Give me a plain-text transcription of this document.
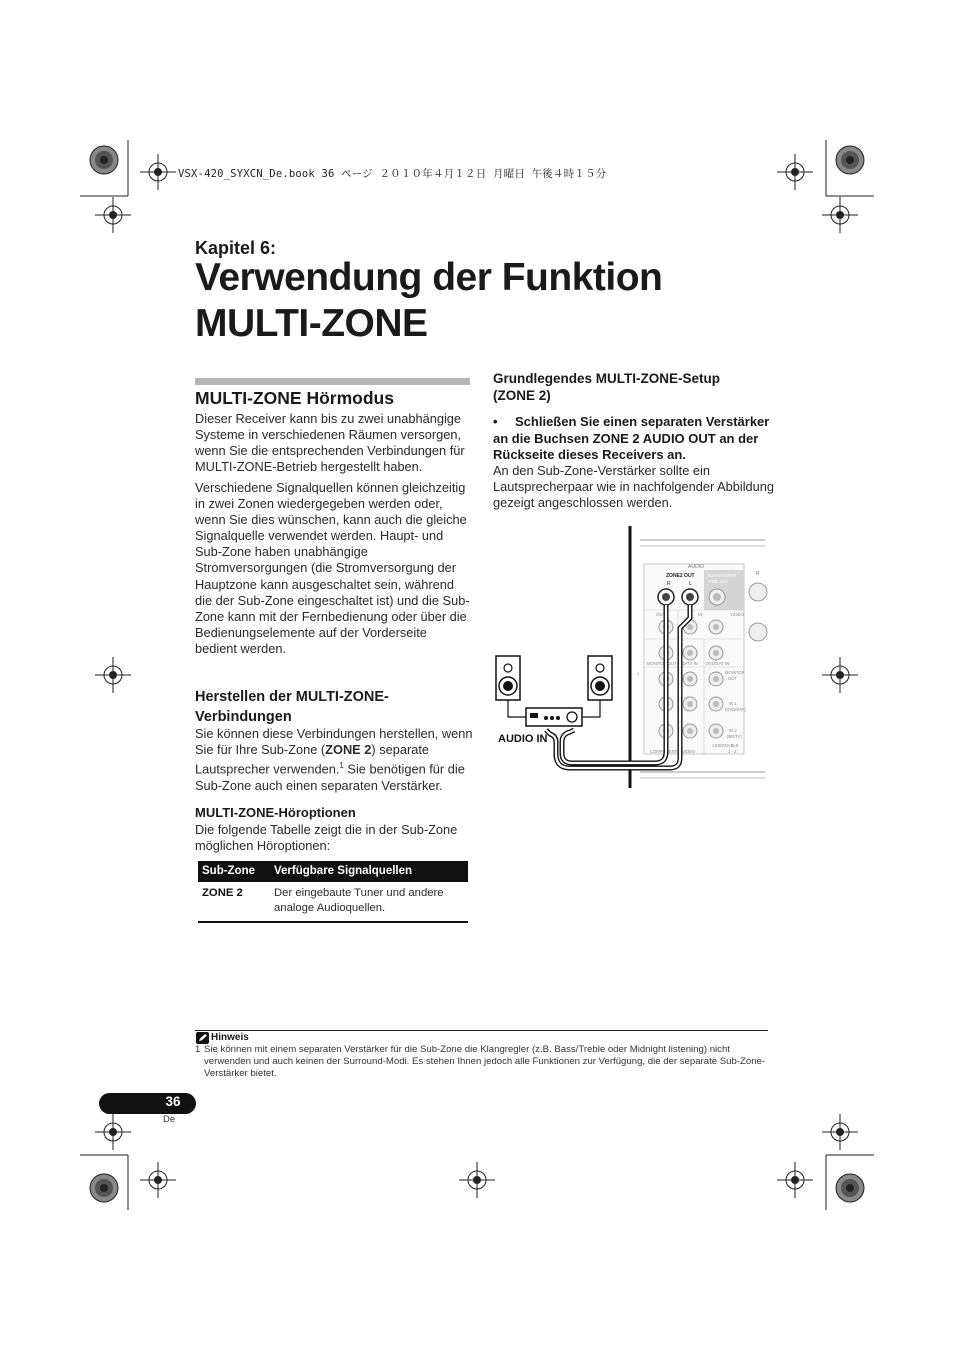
VSX-420_SYXCN_De.book 36 ページ ２０１０年４月１２日 月曜日 午後４時１５分
Kapitel 6:
Verwendung der Funktion
MULTI-ZONE
MULTI-ZONE Hörmodus
Dieser Receiver kann bis zu zwei unabhängige Systeme in verschiedenen Räumen versorgen, wenn Sie die entsprechenden Verbindungen für MULTI-ZONE-Betrieb hergestellt haben.
Verschiedene Signalquellen können gleichzeitig in zwei Zonen wiedergegeben werden oder, wenn Sie dies wünschen, kann auch die gleiche Signalquelle verwendet werden. Haupt- und Sub-Zone haben unabhängige Stromversorgungen (die Stromversorgung der Hauptzone kann ausgeschaltet sein, während die der Sub-Zone eingeschaltet ist) und die Sub-Zone kann mit der Fernbedienung oder über die Bedienungselemente auf der Vorderseite bedient werden.
Herstellen der MULTI-ZONE-Verbindungen
Sie können diese Verbindungen herstellen, wenn Sie für Ihre Sub-Zone (ZONE 2) separate Lautsprecher verwenden.$^1$ Sie benötigen für die Sub-Zone auch einen separaten Verstärker.
MULTI-ZONE-Höroptionen
Die folgende Tabelle zeigt die in der Sub-Zone möglichen Höroptionen:
Sub-Zone	Verfügbare Signalquellen
ZONE 2	Der eingebaute Tuner und andere analoge Audioquellen.
Grundlegendes MULTI-ZONE-Setup (ZONE 2)
•	Schließen Sie einen separaten Verstärker an die Buchsen ZONE 2 AUDIO OUT an der Rückseite dieses Receivers an.
An den Sub-Zone-Verstärker sollte ein Lautsprecherpaar wie in nachfolgender Abbildung gezeigt angeschlossen werden.
AUDIO
ZONE2 OUT
R	L
SUBWOOFER
PRE OUT
R
OUT	IN	VIDEO
MONITOR OUT BD/TV IN DVD/SAT IN
MONITOR
OUT
IN 1
(DVD/SAT)
IN 2
(BD/TV)
ASSIGNABLE
1 - 2
COMPONENT VIDEO
1
AUDIO IN
Hinweis
1 Sie können mit einem separaten Verstärker für die Sub-Zone die Klangregler (z.B. Bass/Treble oder Midnight listening) nicht verwenden und auch keinen der Surround-Modi. Es stehen Ihnen jedoch alle Funktionen zur Verfügung, die der separate Sub-Zone-Verstärker bietet.
36
De
